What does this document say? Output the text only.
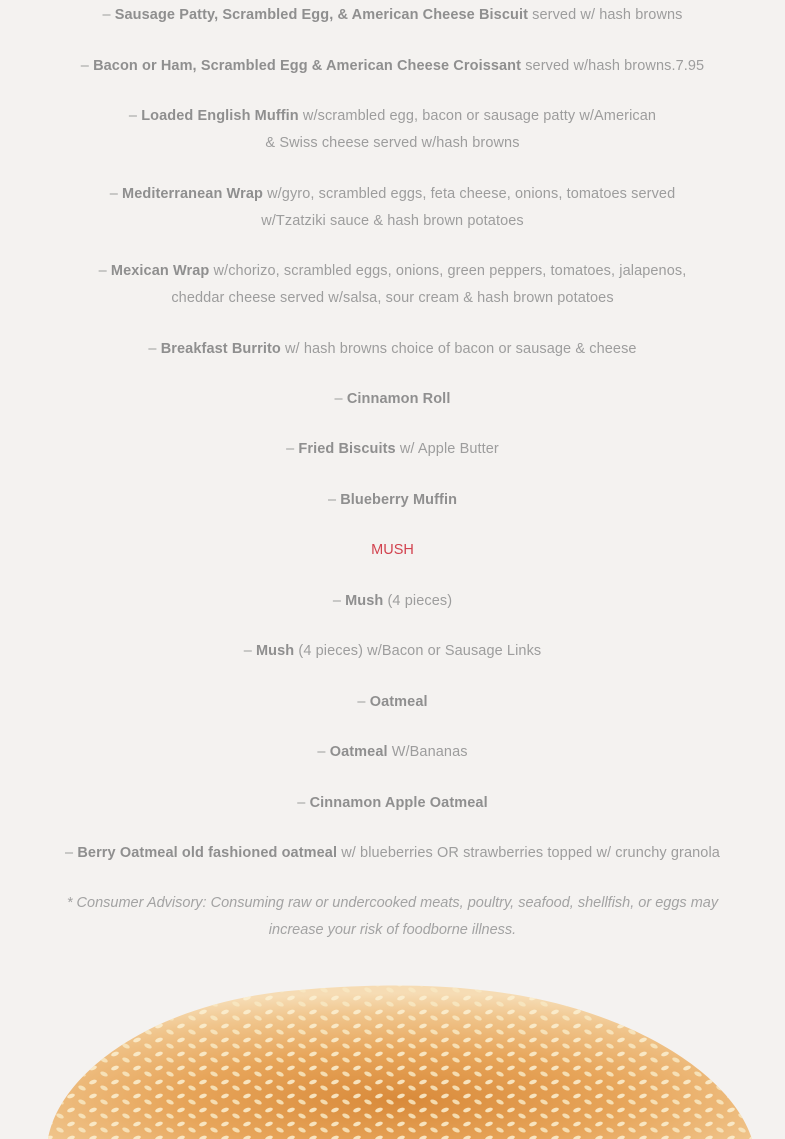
– Sausage Patty, Scrambled Egg, & American Cheese Biscuit served w/ hash browns
– Bacon or Ham, Scrambled Egg & American Cheese Croissant served w/hash browns.7.95
– Loaded English Muffin w/scrambled egg, bacon or sausage patty w/American
& Swiss cheese served w/hash browns
– Mediterranean Wrap w/gyro, scrambled eggs, feta cheese, onions, tomatoes served
w/Tzatziki sauce & hash brown potatoes
– Mexican Wrap w/chorizo, scrambled eggs, onions, green peppers, tomatoes, jalapenos,
cheddar cheese served w/salsa, sour cream & hash brown potatoes
– Breakfast Burrito w/ hash browns choice of bacon or sausage & cheese
– Cinnamon Roll
– Fried Biscuits w/ Apple Butter
– Blueberry Muffin
MUSH
– Mush (4 pieces)
– Mush (4 pieces) w/Bacon or Sausage Links
– Oatmeal
– Oatmeal W/Bananas
– Cinnamon Apple Oatmeal
– Berry Oatmeal old fashioned oatmeal w/ blueberries OR strawberries topped w/ crunchy granola
* Consumer Advisory: Consuming raw or undercooked meats, poultry, seafood, shellfish, or eggs may
increase your risk of foodborne illness.
